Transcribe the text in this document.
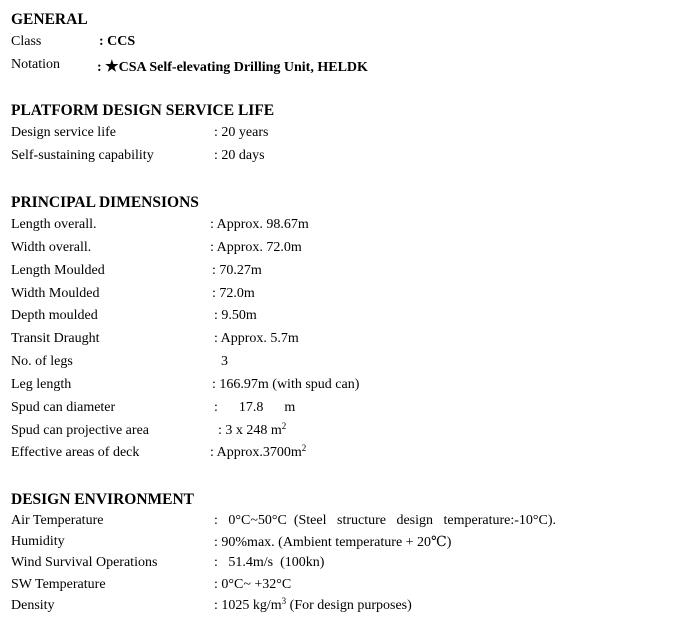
GENERAL
Class	: CCS
Notation	: ★CSA Self-elevating Drilling Unit, HELDK
PLATFORM DESIGN SERVICE LIFE
Design service life	: 20 years
Self-sustaining capability	: 20 days
PRINCIPAL DIMENSIONS
Length overall.	: Approx. 98.67m
Width overall.	: Approx. 72.0m
Length Moulded	: 70.27m
Width Moulded	: 72.0m
Depth moulded	: 9.50m
Transit Draught	: Approx. 5.7m
No. of legs	3
Leg length	: 166.97m (with spud can)
Spud can diameter	:      17.8      m
Spud can projective area	: 3 x 248 $m^2$
Effective areas of deck	: $Approx.3700m^2$
DESIGN ENVIRONMENT
Air Temperature	:   0°C~50°C  (Steel   structure   design   temperature:-10°C).
Humidity	: 90%max. (Ambient temperature + 20℃)
Wind Survival Operations	:   51.4m/s  (100kn)
SW Temperature	: 0°C~ +32°C
Density	: 1025 $kg/m^3$ (For design purposes)
